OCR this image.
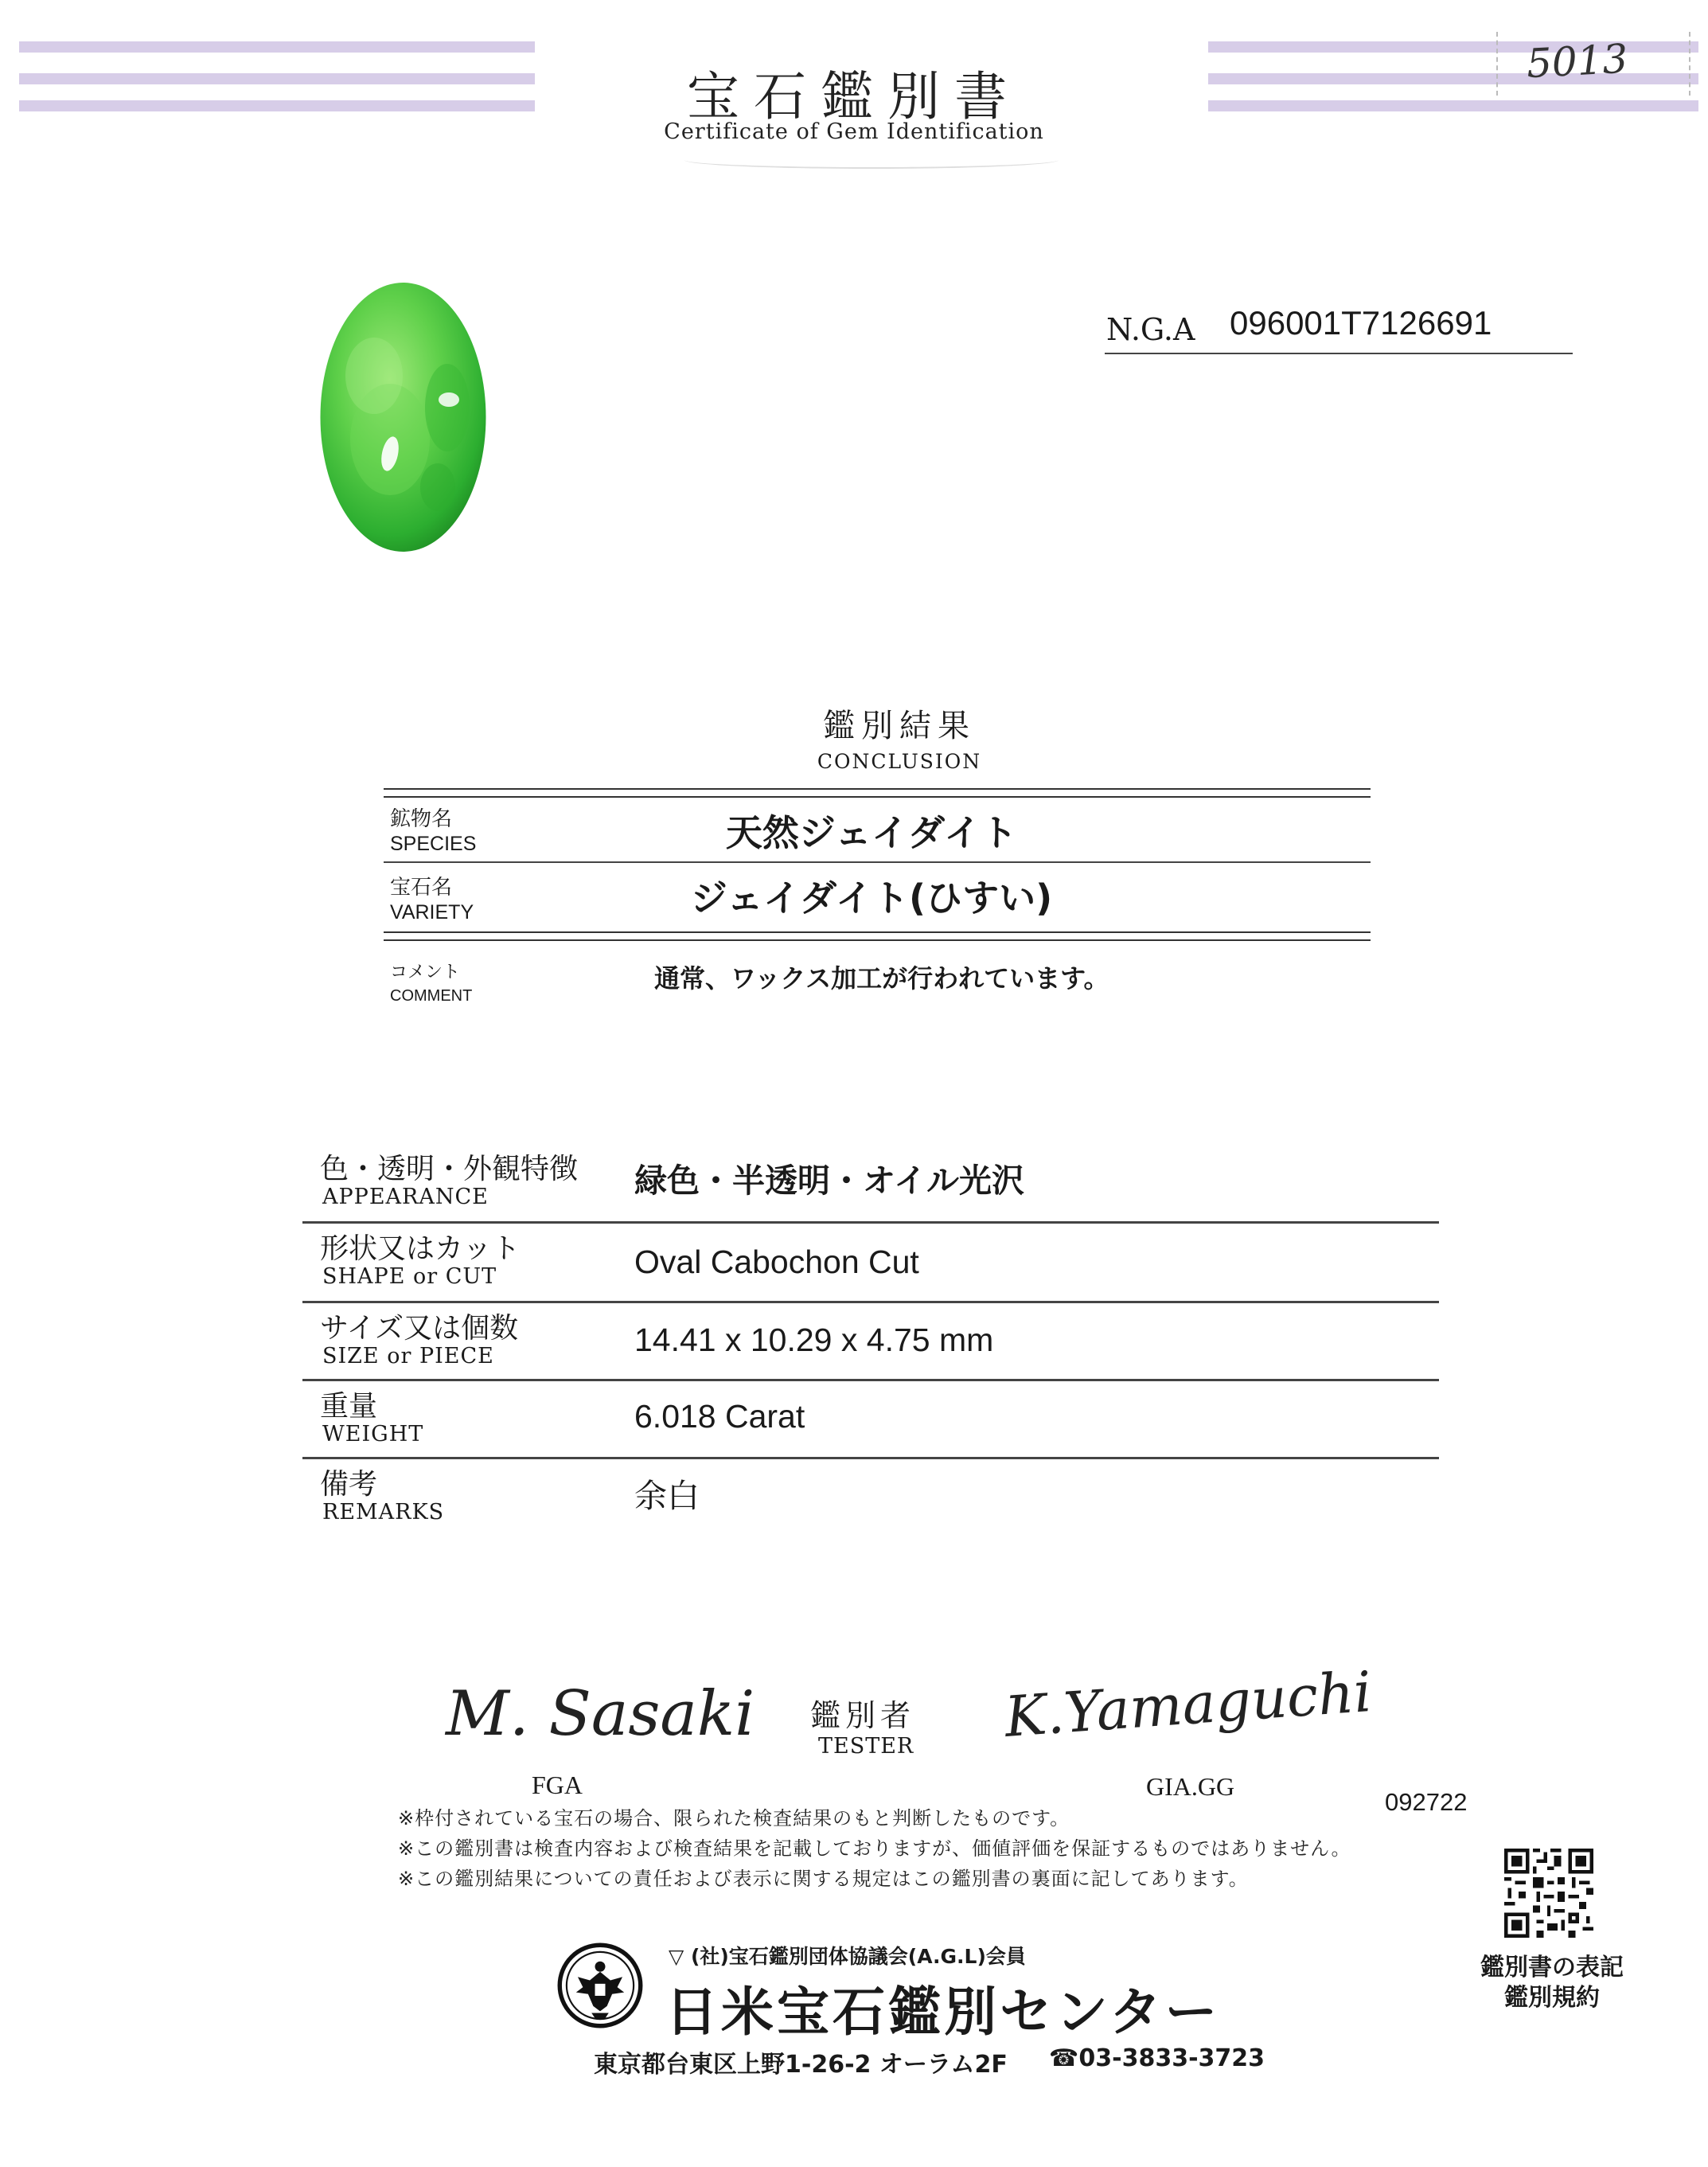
宝石鑑別書
Certificate of Gem Identification
5013
N.G.A 096001T7126691
鑑別結果
CONCLUSION
鉱物名
SPECIES	天然ジェイダイト
宝石名
VARIETY	ジェイダイト(ひすい)
コメント
COMMENT
通常、ワックス加工が行われています。
色・透明・外観特徴
APPEARANCE	緑色・半透明・オイル光沢
形状又はカット
SHAPE or CUT	Oval Cabochon Cut
サイズ又は個数
SIZE or PIECE	14.41 x 10.29 x 4.75 mm
重量
WEIGHT	6.018 Carat
備考
REMARKS	余白
M. Sasaki
FGA
鑑別者
TESTER K.Yamaguchi
GIA.GG
092722
※枠付されている宝石の場合、限られた検査結果のもと判断したものです。
※この鑑別書は検査内容および検査結果を記載しておりますが、価値評価を保証するものではありません。
※この鑑別結果についての責任および表示に関する規定はこの鑑別書の裏面に記してあります。
鑑別書の表記
鑑別規約
▽ (社)宝石鑑別団体協議会(A.G.L)会員
日米宝石鑑別センター
東京都台東区上野1-26-2 オーラム2F ☎03-3833-3723
